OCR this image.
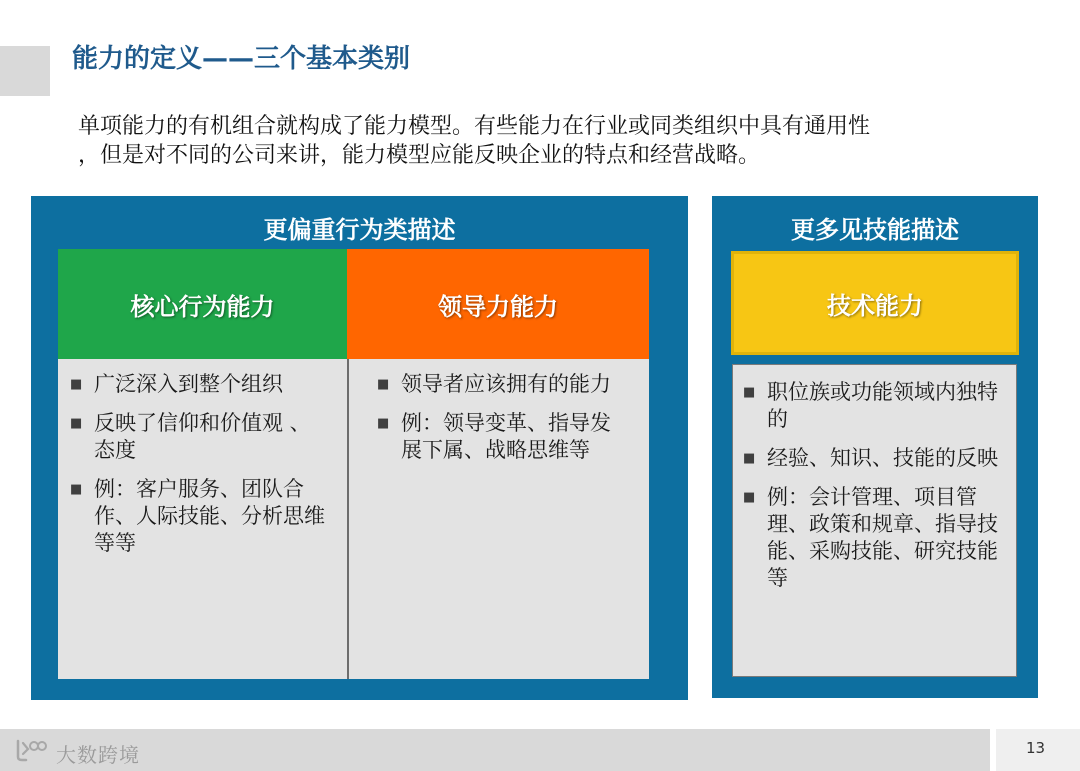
能力的定义——三个基本类别
单项能力的有机组合就构成了能力模型。有些能力在行业或同类组织中具有通用性
，但是对不同的公司来讲，能力模型应能反映企业的特点和经营战略。
更偏重行为类描述
核心行为能力	领导力能力
■ 广泛深入到整个组织
■ 反映了信仰和价值观 、态度
■ 例：客户服务、团队合作、人际技能、分析思维等等
■ 领导者应该拥有的能力
■ 例：领导变革、指导发展下属、战略思维等
更多见技能描述
技术能力
■ 职位族或功能领域内独特的
■ 经验、知识、技能的反映
■ 例：会计管理、项目管理、政策和规章、指导技能、采购技能、研究技能等
13
大数跨境
